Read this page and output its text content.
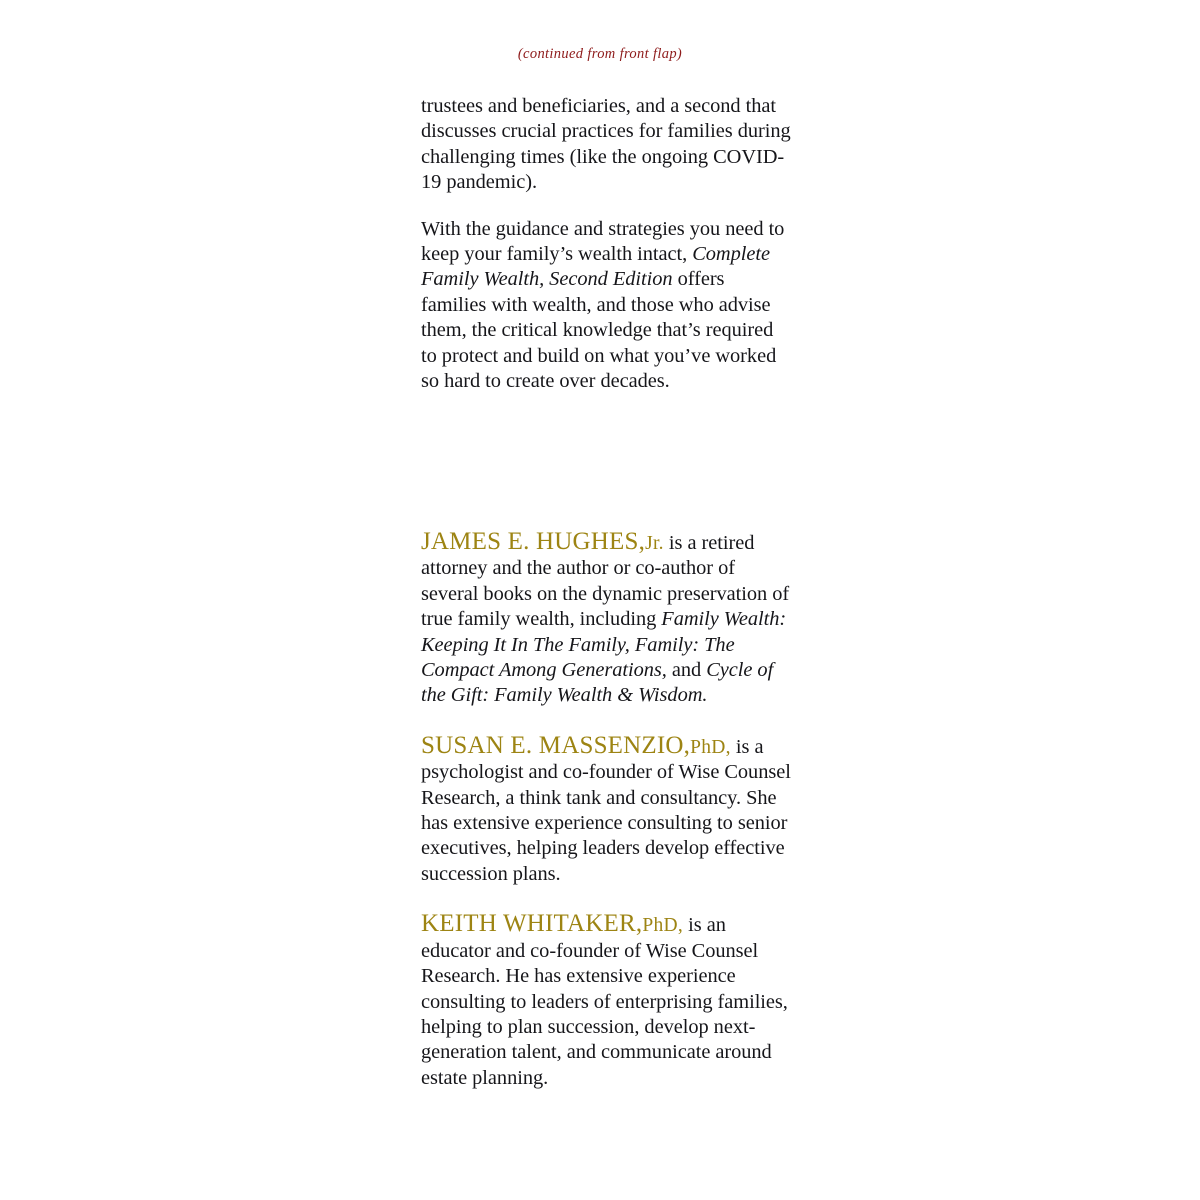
(continued from front flap)

trustees and beneficiaries, and a second that discusses crucial practices for families during challenging times (like the ongoing COVID-19 pandemic).

With the guidance and strategies you need to keep your family’s wealth intact, Complete Family Wealth, Second Edition offers families with wealth, and those who advise them, the critical knowledge that’s required to protect and build on what you’ve worked so hard to create over decades.

JAMES E. HUGHES,Jr. is a retired attorney and the author or co-author of several books on the dynamic preservation of true family wealth, including Family Wealth: Keeping It In The Family, Family: The Compact Among Generations, and Cycle of the Gift: Family Wealth & Wisdom.

SUSAN E. MASSENZIO,PhD, is a psychologist and co-founder of Wise Counsel Research, a think tank and consultancy. She has extensive experience consulting to senior executives, helping leaders develop effective succession plans.

KEITH WHITAKER,PhD, is an educator and co-founder of Wise Counsel Research. He has extensive experience consulting to leaders of enterprising families, helping to plan succession, develop next-generation talent, and communicate around estate planning.
